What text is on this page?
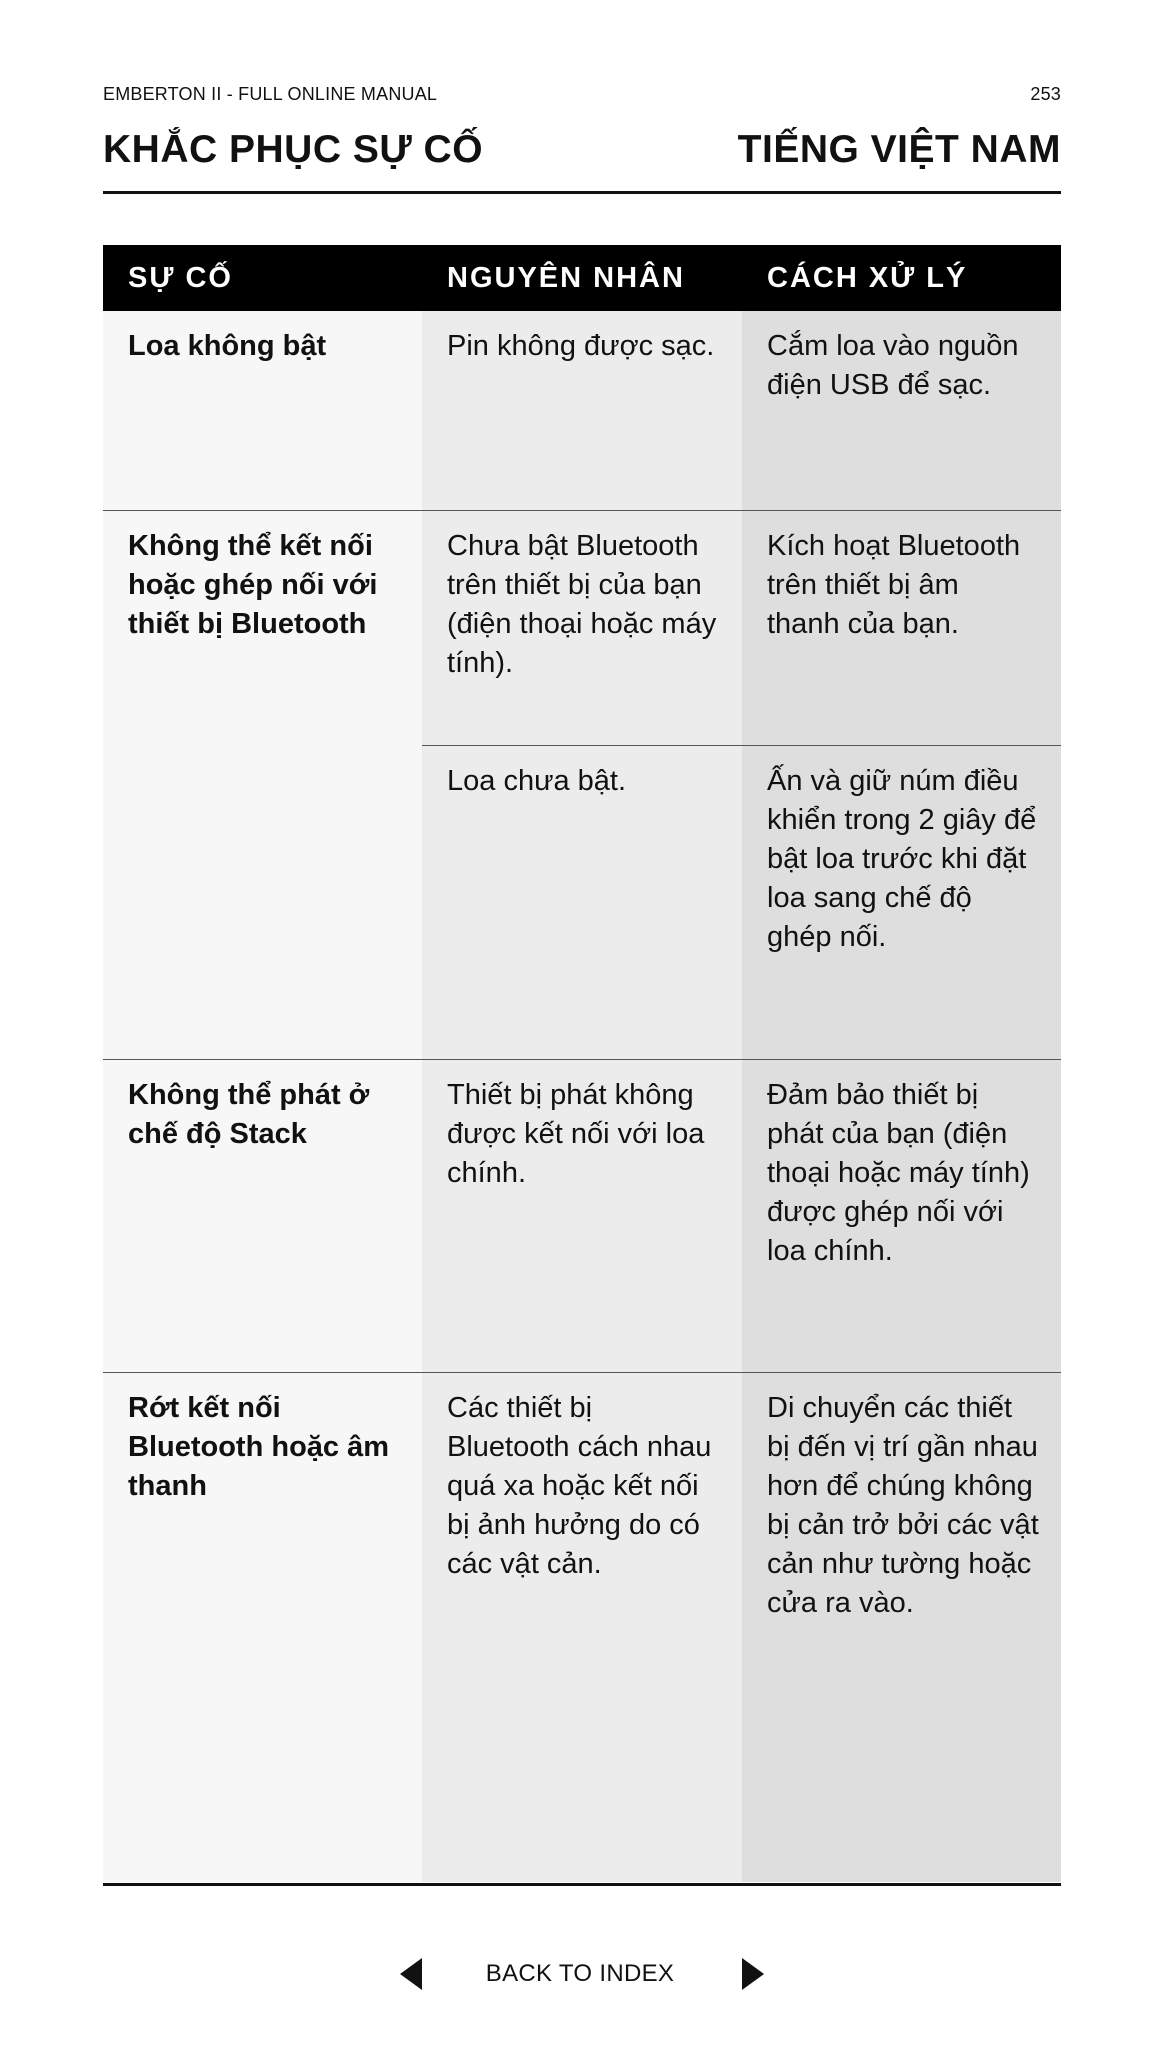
EMBERTON II - FULL ONLINE MANUAL	253
KHẮC PHỤC SỰ CỐ	TIẾNG VIỆT NAM
SỰ CỐ	NGUYÊN NHÂN	CÁCH XỬ LÝ
Loa không bật	Pin không được sạc.	Cắm loa vào nguồn điện USB để sạc.
Không thể kết nối hoặc ghép nối với thiết bị Bluetooth	Chưa bật Bluetooth trên thiết bị của bạn (điện thoại hoặc máy tính).	Kích hoạt Bluetooth trên thiết bị âm thanh của bạn.
	Loa chưa bật.	Ấn và giữ núm điều khiển trong 2 giây để bật loa trước khi đặt loa sang chế độ ghép nối.
Không thể phát ở chế độ Stack	Thiết bị phát không được kết nối với loa chính.	Đảm bảo thiết bị phát của bạn (điện thoại hoặc máy tính) được ghép nối với loa chính.
Rớt kết nối Bluetooth hoặc âm thanh	Các thiết bị Bluetooth cách nhau quá xa hoặc kết nối bị ảnh hưởng do có các vật cản.	Di chuyển các thiết bị đến vị trí gần nhau hơn để chúng không bị cản trở bởi các vật cản như tường hoặc cửa ra vào.
BACK TO INDEX
